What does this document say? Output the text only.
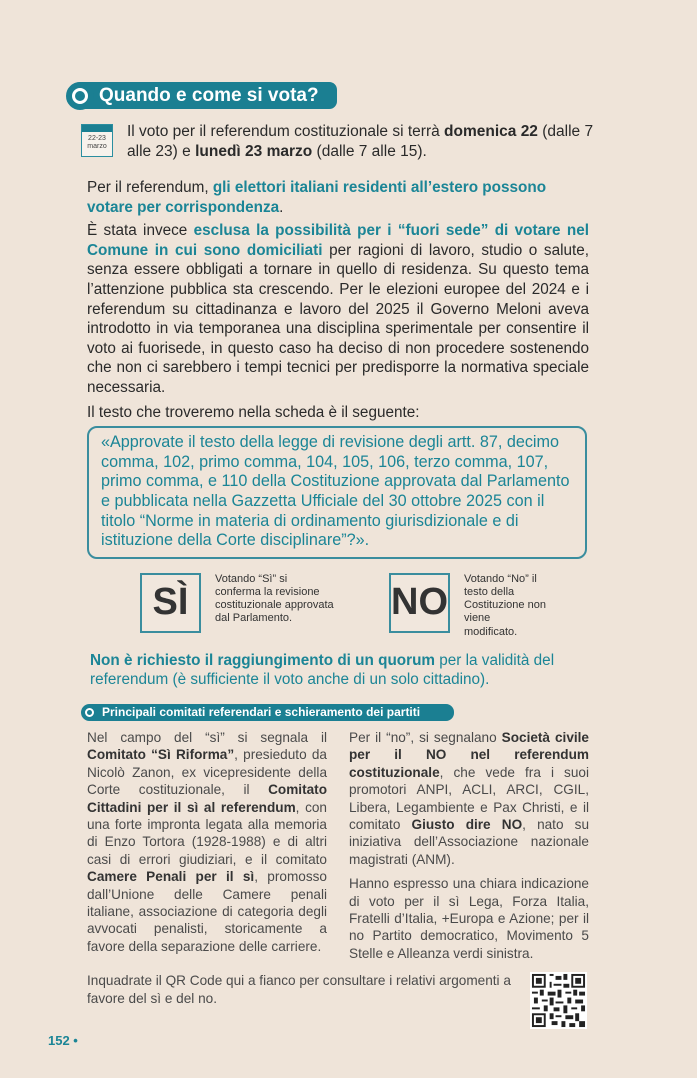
Quando e come si vota?
22-23
marzo
Il voto per il referendum costituzionale si terrà domenica 22 (dalle 7 alle 23) e lunedì 23 marzo (dalle 7 alle 15).
Per il referendum, gli elettori italiani residenti all’estero possono votare per corrispondenza.
È stata invece esclusa la possibilità per i “fuori sede” di votare nel Comune in cui sono domiciliati per ragioni di lavoro, studio o salute, senza essere obbligati a tornare in quello di residenza. Su questo tema l’attenzione pubblica sta crescendo. Per le elezioni europee del 2024 e i referendum su cittadinanza e lavoro del 2025 il Governo Meloni aveva introdotto in via temporanea una disciplina sperimentale per consentire il voto ai fuorisede, in questo caso ha deciso di non procedere sostenendo che non ci sarebbero i tempi tecnici per predisporre la normativa speciale necessaria.
Il testo che troveremo nella scheda è il seguente:
«Approvate il testo della legge di revisione degli artt. 87, decimo comma, 102, primo comma, 104, 105, 106, terzo comma, 107, primo comma, e 110 della Costituzione approvata dal Parlamento e pubblicata nella Gazzetta Ufficiale del 30 ottobre 2025 con il titolo “Norme in materia di ordinamento giurisdizionale e di istituzione della Corte disciplinare”?».
SÌ
Votando “Sì” si conferma la revisione costituzionale approvata dal Parlamento.	NO
Votando “No” il testo della Costituzione non viene modificato.
Non è richiesto il raggiungimento di un quorum per la validità del referendum (è sufficiente il voto anche di un solo cittadino).
Principali comitati referendari e schieramento dei partiti
Nel campo del “sì” si segnala il Comitato “Sì Riforma”, presieduto da Nicolò Zanon, ex vicepresidente della Corte costituzionale, il Comitato Cittadini per il sì al referendum, con una forte impronta legata alla memoria di Enzo Tortora (1928-1988) e di altri casi di errori giudiziari, e il comitato Camere Penali per il sì, promosso dall’Unione delle Camere penali italiane, associazione di categoria degli avvocati penalisti, storicamente a favore della separazione delle carriere.
Per il “no”, si segnalano Società civile per il NO nel referendum costituzionale, che vede fra i suoi promotori ANPI, ACLI, ARCI, CGIL, Libera, Legambiente e Pax Christi, e il comitato Giusto dire NO, nato su iniziativa dell’Associazione nazionale magistrati (ANM).
Hanno espresso una chiara indicazione di voto per il sì Lega, Forza Italia, Fratelli d’Italia, +Europa e Azione; per il no Partito democratico, Movimento 5 Stelle e Alleanza verdi sinistra.
Inquadrate il QR Code qui a fianco per consultare i relativi argomenti a favore del sì e del no.
152 •
